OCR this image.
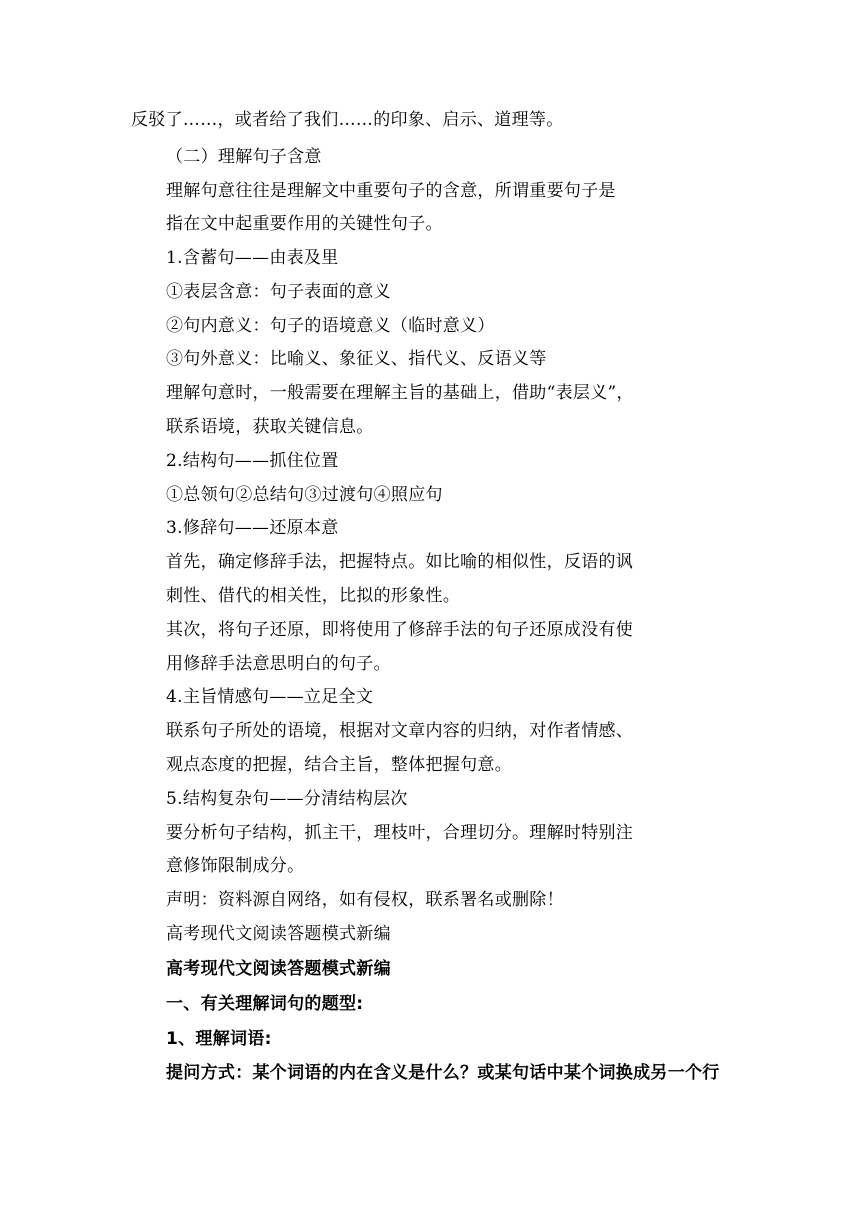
反驳了……，或者给了我们……的印象、启示、道理等。
（二）理解句子含意
理解句意往往是理解文中重要句子的含意，所谓重要句子是
指在文中起重要作用的关键性句子。
1.含蓄句——由表及里
①表层含意：句子表面的意义
②句内意义：句子的语境意义（临时意义）
③句外意义：比喻义、象征义、指代义、反语义等
理解句意时，一般需要在理解主旨的基础上，借助“表层义”，
联系语境，获取关键信息。
2.结构句——抓住位置
①总领句②总结句③过渡句④照应句
3.修辞句——还原本意
首先，确定修辞手法，把握特点。如比喻的相似性，反语的讽
刺性、借代的相关性，比拟的形象性。
其次，将句子还原，即将使用了修辞手法的句子还原成没有使
用修辞手法意思明白的句子。
4.主旨情感句——立足全文
联系句子所处的语境，根据对文章内容的归纳，对作者情感、
观点态度的把握，结合主旨，整体把握句意。
5.结构复杂句——分清结构层次
要分析句子结构，抓主干，理枝叶，合理切分。理解时特别注
意修饰限制成分。
声明：资料源自网络，如有侵权，联系署名或删除！
高考现代文阅读答题模式新编
高考现代文阅读答题模式新编
一、有关理解词句的题型:
1、理解词语:
提问方式：某个词语的内在含义是什么？或某句话中某个词换成另一个行
